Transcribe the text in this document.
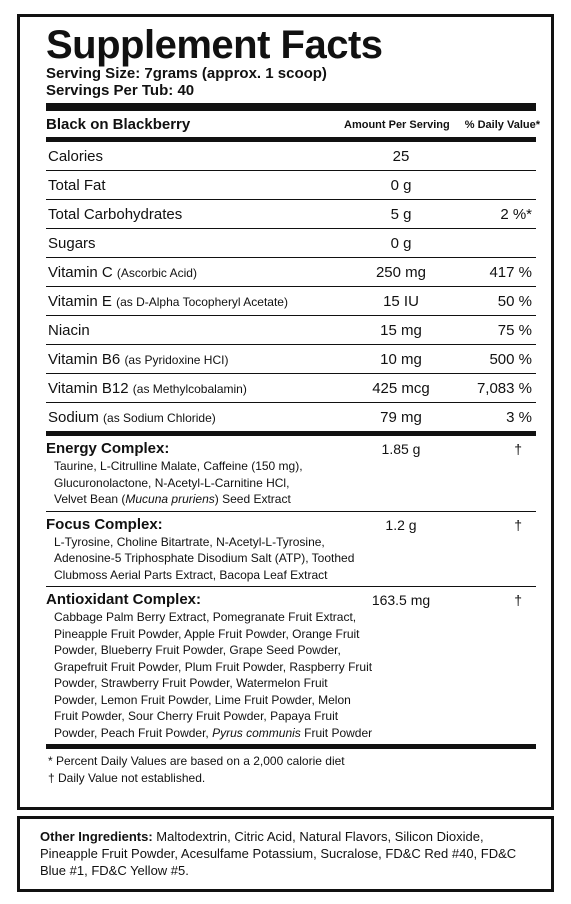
Supplement Facts
Serving Size: 7grams (approx. 1 scoop)
Servings Per Tub: 40
Black on Blackberry	Amount Per Serving % Daily Value*
Calories	25
Total Fat	0 g
Total Carbohydrates	5 g	2 %*
Sugars	0 g
Vitamin C (Ascorbic Acid)	250 mg	417 %
Vitamin E (as D-Alpha Tocopheryl Acetate)	15 IU	50 %
Niacin	15 mg	75 %
Vitamin B6 (as Pyridoxine HCI)	10 mg	500 %
Vitamin B12 (as Methylcobalamin)	425 mcg	7,083 %
Sodium (as Sodium Chloride)	79 mg	3 %
Energy Complex:	1.85 g	†
Taurine, L-Citrulline Malate, Caffeine (150 mg),
Glucuronolactone, N-Acetyl-L-Carnitine HCl,
Velvet Bean (Mucuna pruriens) Seed Extract
Focus Complex:	1.2 g	†
L-Tyrosine, Choline Bitartrate, N-Acetyl-L-Tyrosine,
Adenosine-5 Triphosphate Disodium Salt (ATP), Toothed
Clubmoss Aerial Parts Extract, Bacopa Leaf Extract
Antioxidant Complex:	163.5 mg	†
Cabbage Palm Berry Extract, Pomegranate Fruit Extract,
Pineapple Fruit Powder, Apple Fruit Powder, Orange Fruit
Powder, Blueberry Fruit Powder, Grape Seed Powder,
Grapefruit Fruit Powder, Plum Fruit Powder, Raspberry Fruit
Powder, Strawberry Fruit Powder, Watermelon Fruit
Powder, Lemon Fruit Powder, Lime Fruit Powder, Melon
Fruit Powder, Sour Cherry Fruit Powder, Papaya Fruit
Powder, Peach Fruit Powder, Pyrus communis Fruit Powder
* Percent Daily Values are based on a 2,000 calorie diet
† Daily Value not established.
Other Ingredients: Maltodextrin, Citric Acid, Natural Flavors, Silicon Dioxide, Pineapple Fruit Powder, Acesulfame Potassium, Sucralose, FD&C Red #40, FD&C Blue #1, FD&C Yellow #5.
